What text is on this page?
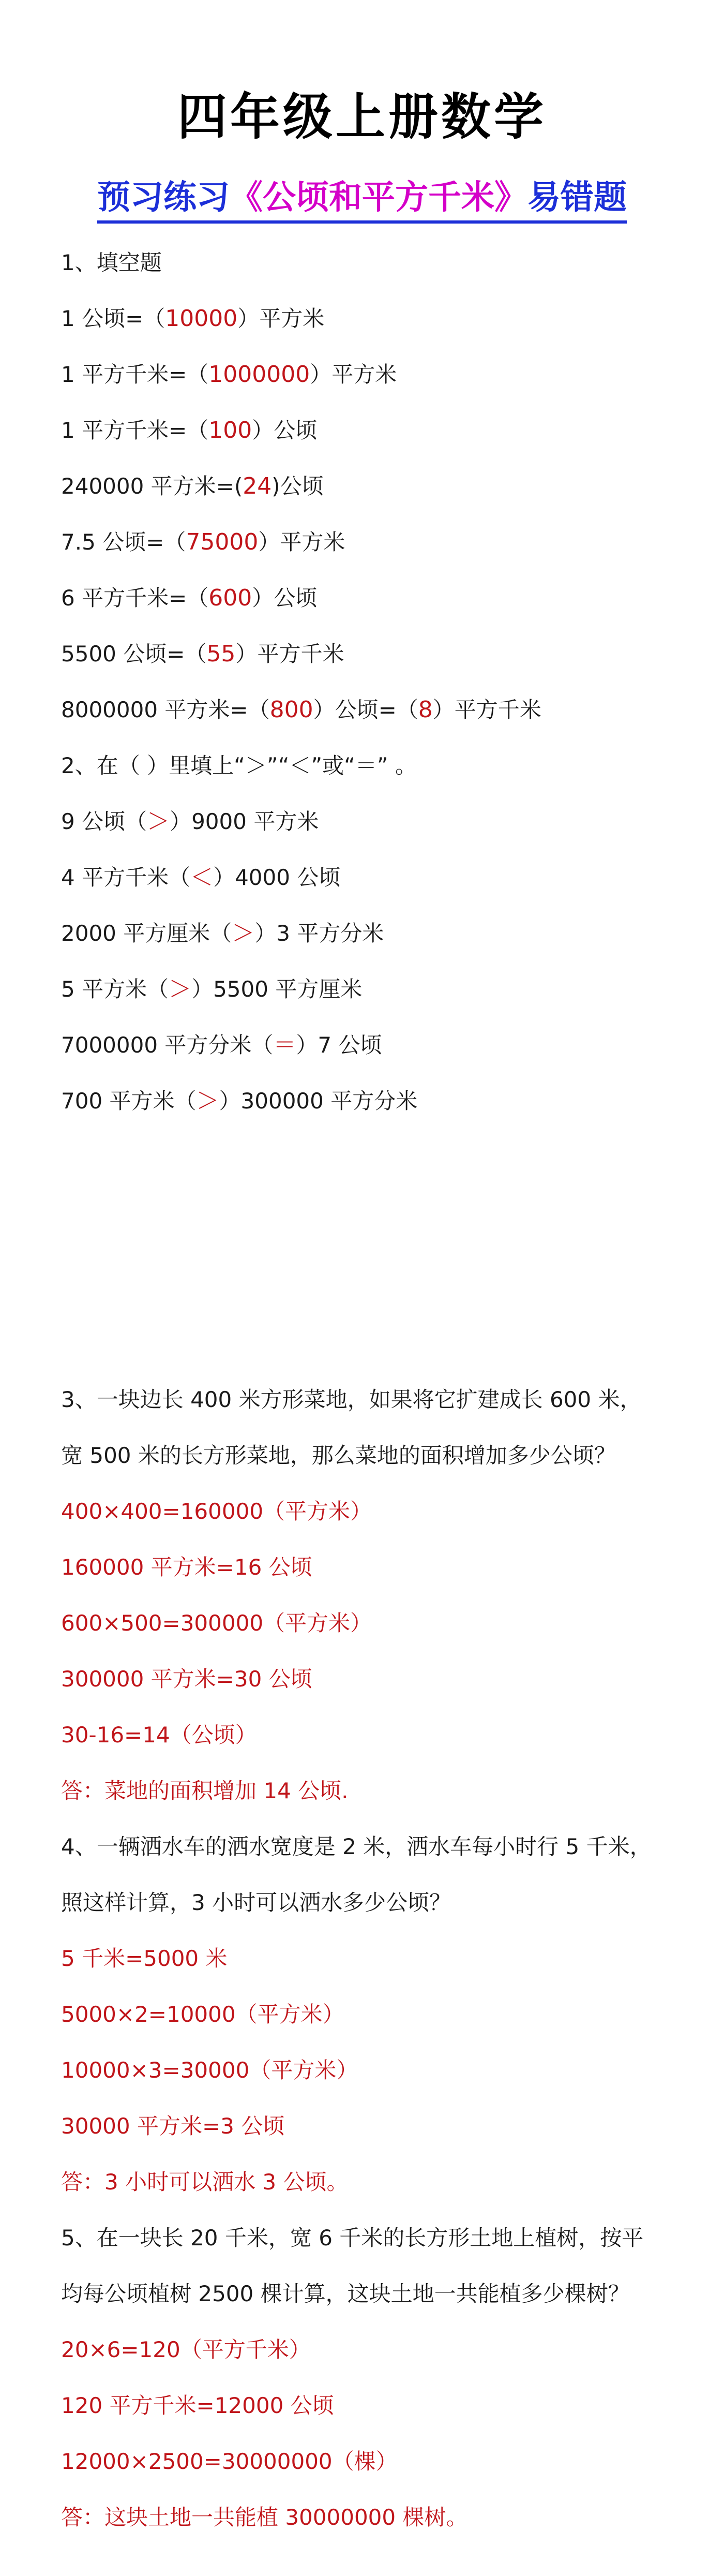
四年级上册数学
预习练习《公顷和平方千米》易错题
1、填空题
1 公顷=（10000）平方米
1 平方千米=（1000000）平方米
1 平方千米=（100）公顷
240000 平方米=(24)公顷
7.5 公顷=（75000）平方米
6 平方千米=（600）公顷
5500 公顷=（55）平方千米
8000000 平方米=（800）公顷=（8）平方千米
2、在（ ）里填上“＞”“＜”或“＝” 。
9 公顷（＞）9000 平方米
4 平方千米（＜）4000 公顷
2000 平方厘米（＞）3 平方分米
5 平方米（＞）5500 平方厘米
7000000 平方分米（＝）7 公顷
700 平方米（＞）300000 平方分米
3、一块边长 400 米方形菜地，如果将它扩建成长 600 米，
宽 500 米的长方形菜地，那么菜地的面积增加多少公顷？
400×400=160000（平方米）
160000 平方米=16 公顷
600×500=300000（平方米）
300000 平方米=30 公顷
30-16=14（公顷）
答：菜地的面积增加 14 公顷.
4、一辆洒水车的洒水宽度是 2 米，洒水车每小时行 5 千米，
照这样计算，3 小时可以洒水多少公顷？
5 千米=5000 米
5000×2=10000（平方米）
10000×3=30000（平方米）
30000 平方米=3 公顷
答：3 小时可以洒水 3 公顷。
5、在一块长 20 千米，宽 6 千米的长方形土地上植树，按平
均每公顷植树 2500 棵计算，这块土地一共能植多少棵树？
20×6=120（平方千米）
120 平方千米=12000 公顷
12000×2500=30000000（棵）
答：这块土地一共能植 30000000 棵树。
